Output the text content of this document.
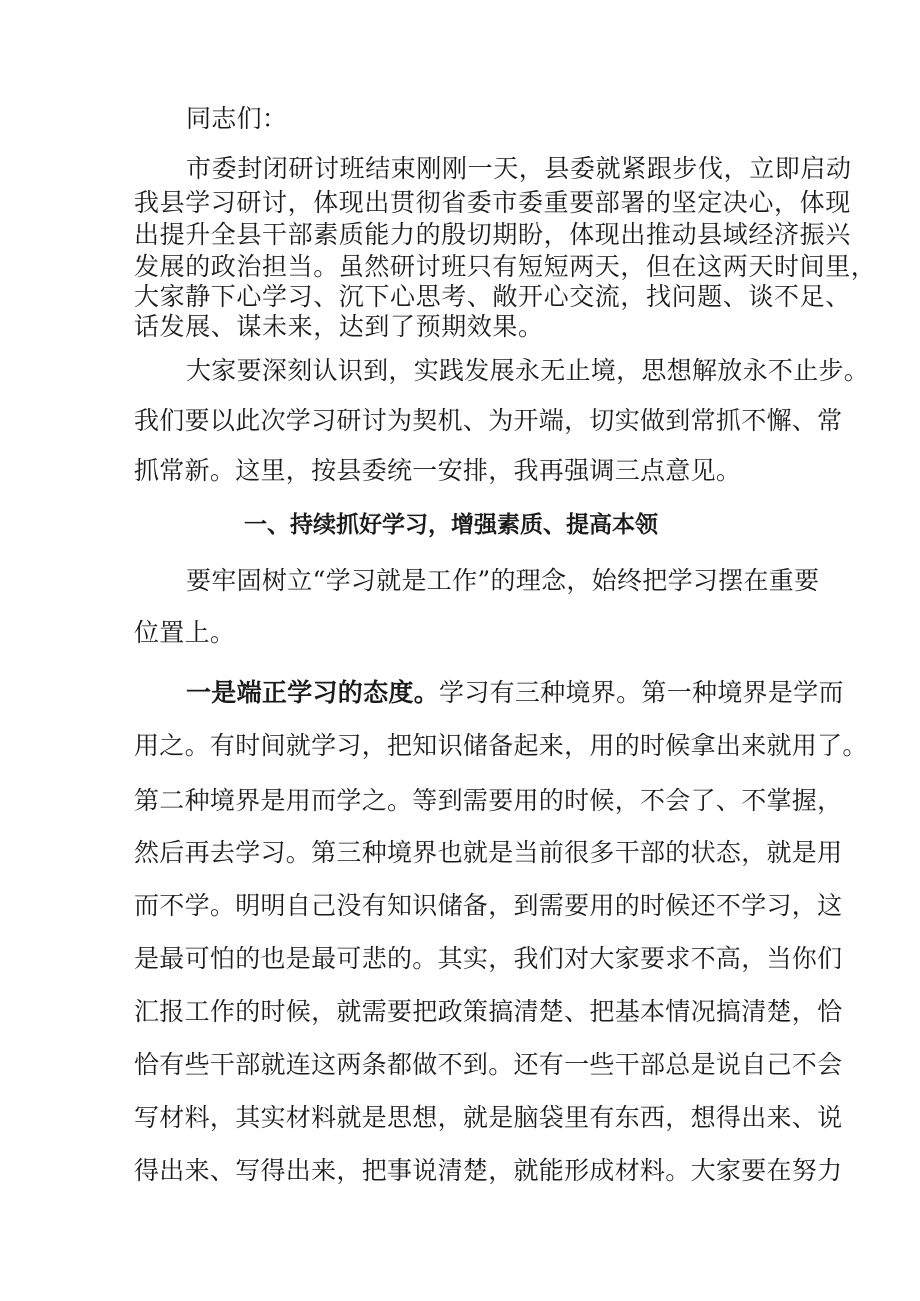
同志们：
市委封闭研讨班结束刚刚一天，县委就紧跟步伐，立即启动
我县学习研讨，体现出贯彻省委市委重要部署的坚定决心，体现
出提升全县干部素质能力的殷切期盼，体现出推动县域经济振兴
发展的政治担当。虽然研讨班只有短短两天，但在这两天时间里，
大家静下心学习、沉下心思考、敞开心交流，找问题、谈不足、
话发展、谋未来，达到了预期效果。
大家要深刻认识到，实践发展永无止境，思想解放永不止步。
我们要以此次学习研讨为契机、为开端，切实做到常抓不懈、常
抓常新。这里，按县委统一安排，我再强调三点意见。
一、持续抓好学习，增强素质、提高本领
要牢固树立“学习就是工作”的理念，始终把学习摆在重要
位置上。
一是端正学习的态度。学习有三种境界。第一种境界是学而
用之。有时间就学习，把知识储备起来，用的时候拿出来就用了。
第二种境界是用而学之。等到需要用的时候，不会了、不掌握，
然后再去学习。第三种境界也就是当前很多干部的状态，就是用
而不学。明明自己没有知识储备，到需要用的时候还不学习，这
是最可怕的也是最可悲的。其实，我们对大家要求不高，当你们
汇报工作的时候，就需要把政策搞清楚、把基本情况搞清楚，恰
恰有些干部就连这两条都做不到。还有一些干部总是说自己不会
写材料，其实材料就是思想，就是脑袋里有东西，想得出来、说
得出来、写得出来，把事说清楚，就能形成材料。大家要在努力
